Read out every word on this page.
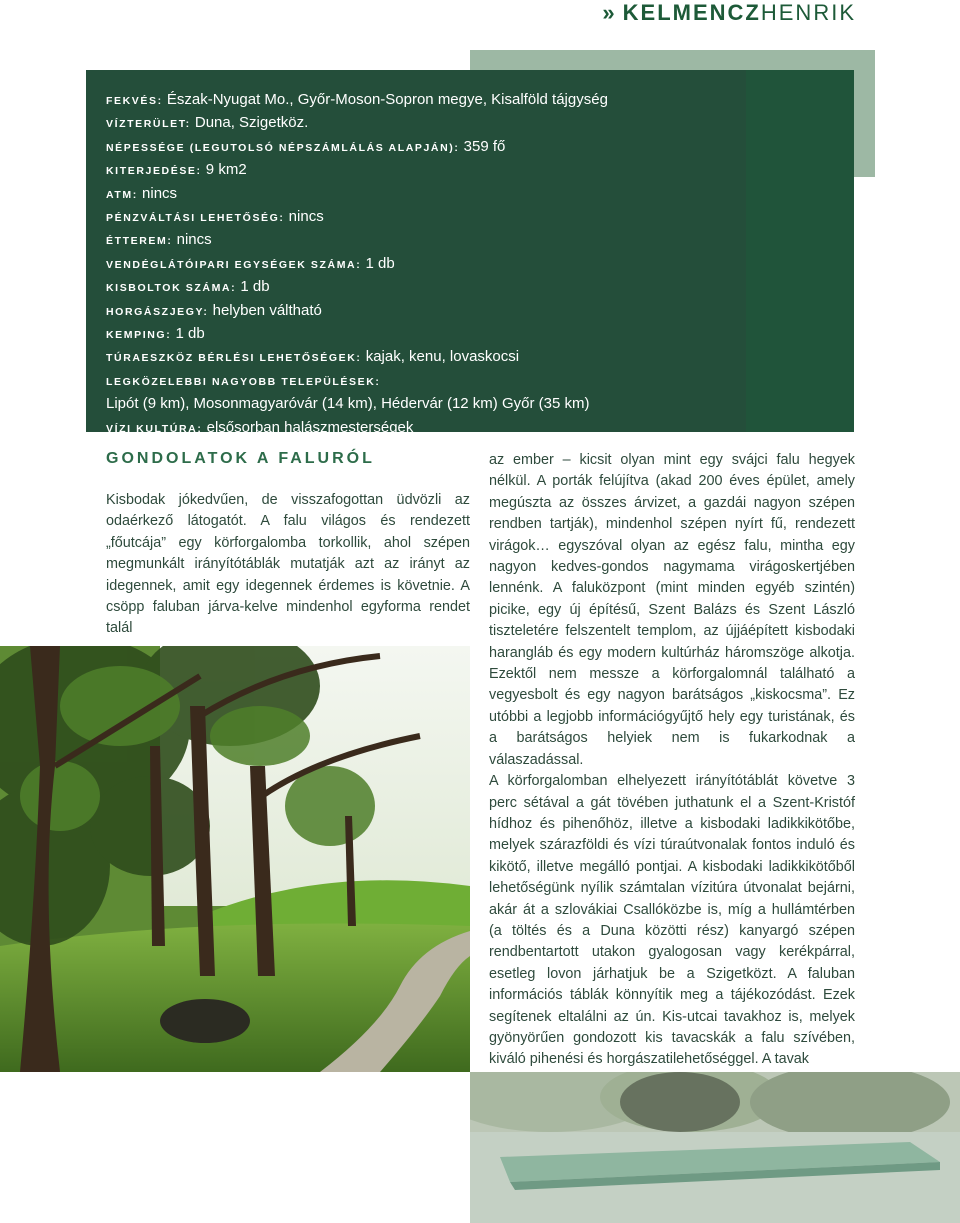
» KELMENCZHENRIK
FEKVÉS: Észak-Nyugat Mo., Győr-Moson-Sopron megye, Kisalföld tájgység
VÍZTERÜLET: Duna, Szigetköz.
NÉPESSÉGE (LEGUTOLSÓ NÉPSZÁMLÁLÁS ALAPJÁN): 359 fő
KITERJEDÉSE: 9 km2
ATM: nincs
PÉNZVÁLTÁSI LEHETŐSÉG: nincs
ÉTTEREM: nincs
VENDÉGLÁTÓIPARI EGYSÉGEK SZÁMA: 1 db
KISBOLTOK SZÁMA: 1 db
HORGÁSZJEGY: helyben váltható
KEMPING: 1 db
TÚRAESZKÖZ BÉRLÉSI LEHETŐSÉGEK: kajak, kenu, lovaskocsi
LEGKÖZELEBBI NAGYOBB TELEPÜLÉSEK:
Lipót (9 km), Mosonmagyaróvár (14 km), Hédervár (12 km) Győr (35 km)
VÍZI KULTÚRA: elsősorban halászmesterségek
GONDOLATOK A FALURÓL

Kisbodak jókedvűen, de visszafogottan üdvözli az odaérkező látogatót. A falu világos és rendezett „főutcája” egy körforgalomba torkollik, ahol szépen megmunkált irányítótáblák mutatják azt az irányt az idegennek, amit egy idegennek érdemes is követnie. A csöpp faluban járva-kelve mindenhol egyforma rendet talál

az ember – kicsit olyan mint egy svájci falu hegyek nélkül. A porták felújítva (akad 200 éves épület, amely megúszta az összes árvizet, a gazdái nagyon szépen rendben tartják), mindenhol szépen nyírt fű, rendezett virágok… egyszóval olyan az egész falu, mintha egy nagyon kedves-gondos nagymama virágoskertjében lennénk. A faluközpont (mint minden egyéb szintén) picike, egy új építésű, Szent Balázs és Szent László tiszteletére felszentelt templom, az újjáépített kisbodaki harangláb és egy modern kultúrház háromszöge alkotja. Ezektől nem messze a körforgalomnál található a vegyesbolt és egy nagyon barátságos „kiskocsma”. Ez utóbbi a legjobb információgyűjtő hely egy turistának, és a barátságos helyiek nem is fukarkodnak a válaszadással.

A körforgalomban elhelyezett irányítótáblát követve 3 perc sétával a gát tövében juthatunk el a Szent-Kristóf hídhoz és pihenőhöz, illetve a kisbodaki ladikkikötőbe, melyek szárazföldi és vízi túraútvonalak fontos induló és kikötő, illetve megálló pontjai. A kisbodaki ladikkikötőből lehetőségünk nyílik számtalan vízitúra útvonalat bejárni, akár át a szlovákiai Csallóközbe is, míg a hullámtérben (a töltés és a Duna közötti rész) kanyargó szépen rendbentartott utakon gyalogosan vagy kerékpárral, esetleg lovon járhatjuk be a Szigetközt. A faluban információs táblák könnyítik meg a tájékozódást. Ezek segítenek eltalálni az ún. Kis-utcai tavakhoz is, melyek gyönyörűen gondozott kis tavacskák a falu szívében, kiváló pihenési és horgászatilehetőséggel. A tavak
